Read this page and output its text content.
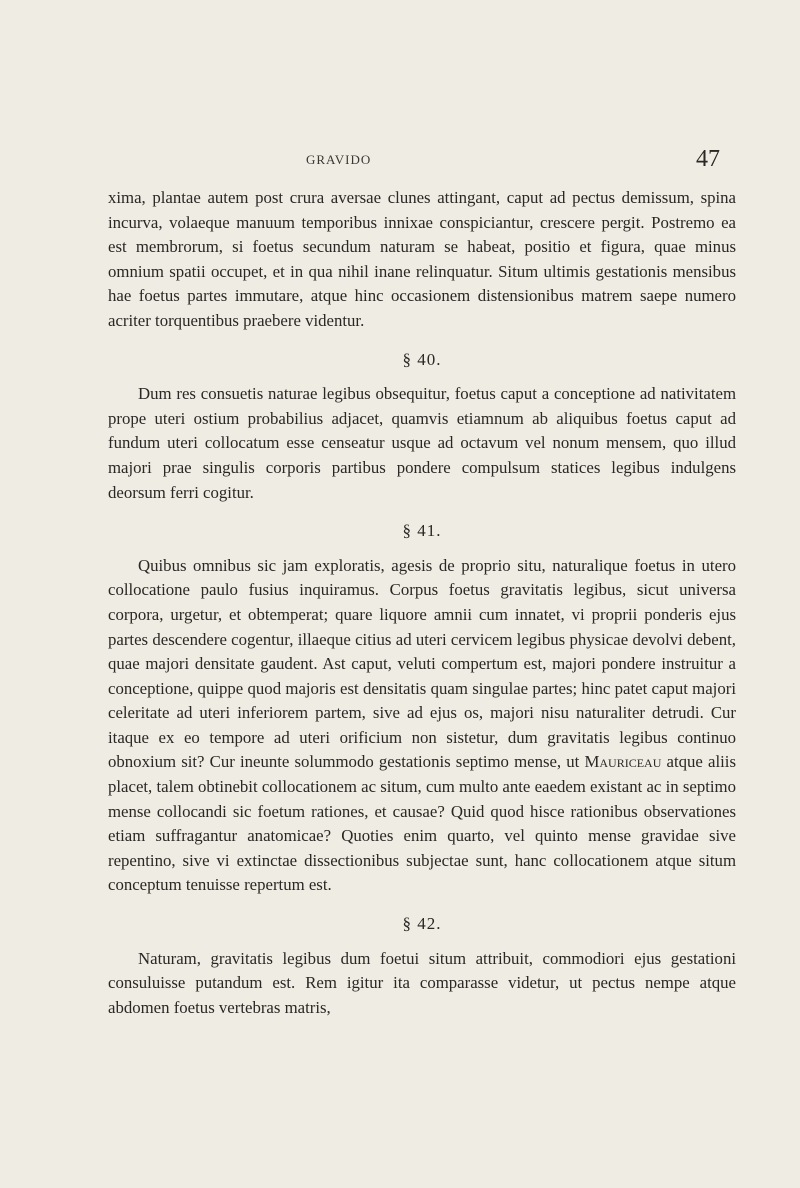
GRAVIDO	47

xima, plantae autem post crura aversae clunes attingant, caput ad pectus demissum, spina incurva, volaeque manuum temporibus innixae conspiciantur, crescere pergit. Postremo ea est membrorum, si foetus secundum naturam se habeat, positio et figura, quae minus omnium spatii occupet, et in qua nihil inane relinquatur. Situm ultimis gestationis mensibus hae foetus partes immutare, atque hinc occasionem distensionibus matrem saepe numero acriter torquentibus praebere videntur.

§ 40.

Dum res consuetis naturae legibus obsequitur, foetus caput a conceptione ad nativitatem prope uteri ostium probabilius adjacet, quamvis etiamnum ab aliquibus foetus caput ad fundum uteri collocatum esse censeatur usque ad octavum vel nonum mensem, quo illud majori prae singulis corporis partibus pondere compulsum statices legibus indulgens deorsum ferri cogitur.

§ 41.

Quibus omnibus sic jam exploratis, agesis de proprio situ, naturalique foetus in utero collocatione paulo fusius inquiramus. Corpus foetus gravitatis legibus, sicut universa corpora, urgetur, et obtemperat; quare liquore amnii cum innatet, vi proprii ponderis ejus partes descendere cogentur, illaeque citius ad uteri cervicem legibus physicae devolvi debent, quae majori densitate gaudent. Ast caput, veluti compertum est, majori pondere instruitur a conceptione, quippe quod majoris est densitatis quam singulae partes; hinc patet caput majori celeritate ad uteri inferiorem partem, sive ad ejus os, majori nisu naturaliter detrudi. Cur itaque ex eo tempore ad uteri orificium non sistetur, dum gravitatis legibus continuo obnoxium sit? Cur ineunte solummodo gestationis septimo mense, ut Mauriceau atque aliis placet, talem obtinebit collocationem ac situm, cum multo ante eaedem existant ac in septimo mense collocandi sic foetum rationes, et causae? Quid quod hisce rationibus observationes etiam suffragantur anatomicae? Quoties enim quarto, vel quinto mense gravidae sive repentino, sive vi extinctae dissectionibus subjectae sunt, hanc collocationem atque situm conceptum tenuisse repertum est.

§ 42.

Naturam, gravitatis legibus dum foetui situm attribuit, commodiori ejus gestationi consuluisse putandum est. Rem igitur ita comparasse videtur, ut pectus nempe atque abdomen foetus vertebras matris,
